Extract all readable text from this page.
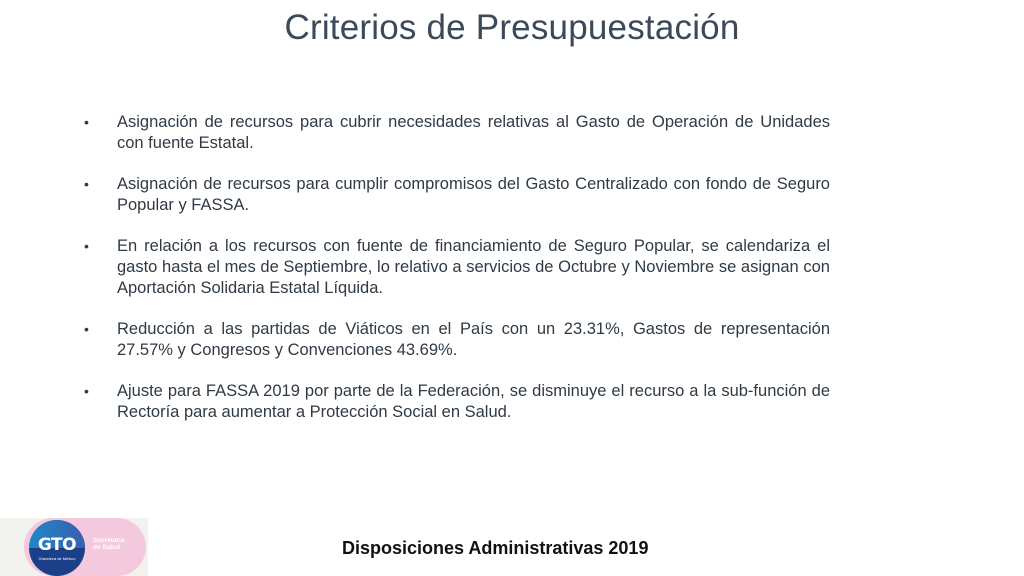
Criterios de Presupuestación
• Asignación de recursos para cubrir necesidades relativas al Gasto de Operación de Unidades con fuente Estatal.
• Asignación de recursos para cumplir compromisos del Gasto Centralizado con fondo de Seguro Popular y FASSA.
• En relación a los recursos con fuente de financiamiento de Seguro Popular, se calendariza el gasto hasta el mes de Septiembre, lo relativo a servicios de Octubre y Noviembre se asignan con Aportación Solidaria Estatal Líquida.
• Reducción a las partidas de Viáticos en el País con un 23.31%, Gastos de representación 27.57% y Congresos y Convenciones 43.69%.
• Ajuste para FASSA 2019 por parte de la Federación, se disminuye el recurso a la sub-función de Rectoría para aumentar a Protección Social en Salud.
GTO
Grandeza de México
Secretaría
de Salud	Disposiciones Administrativas 2019
